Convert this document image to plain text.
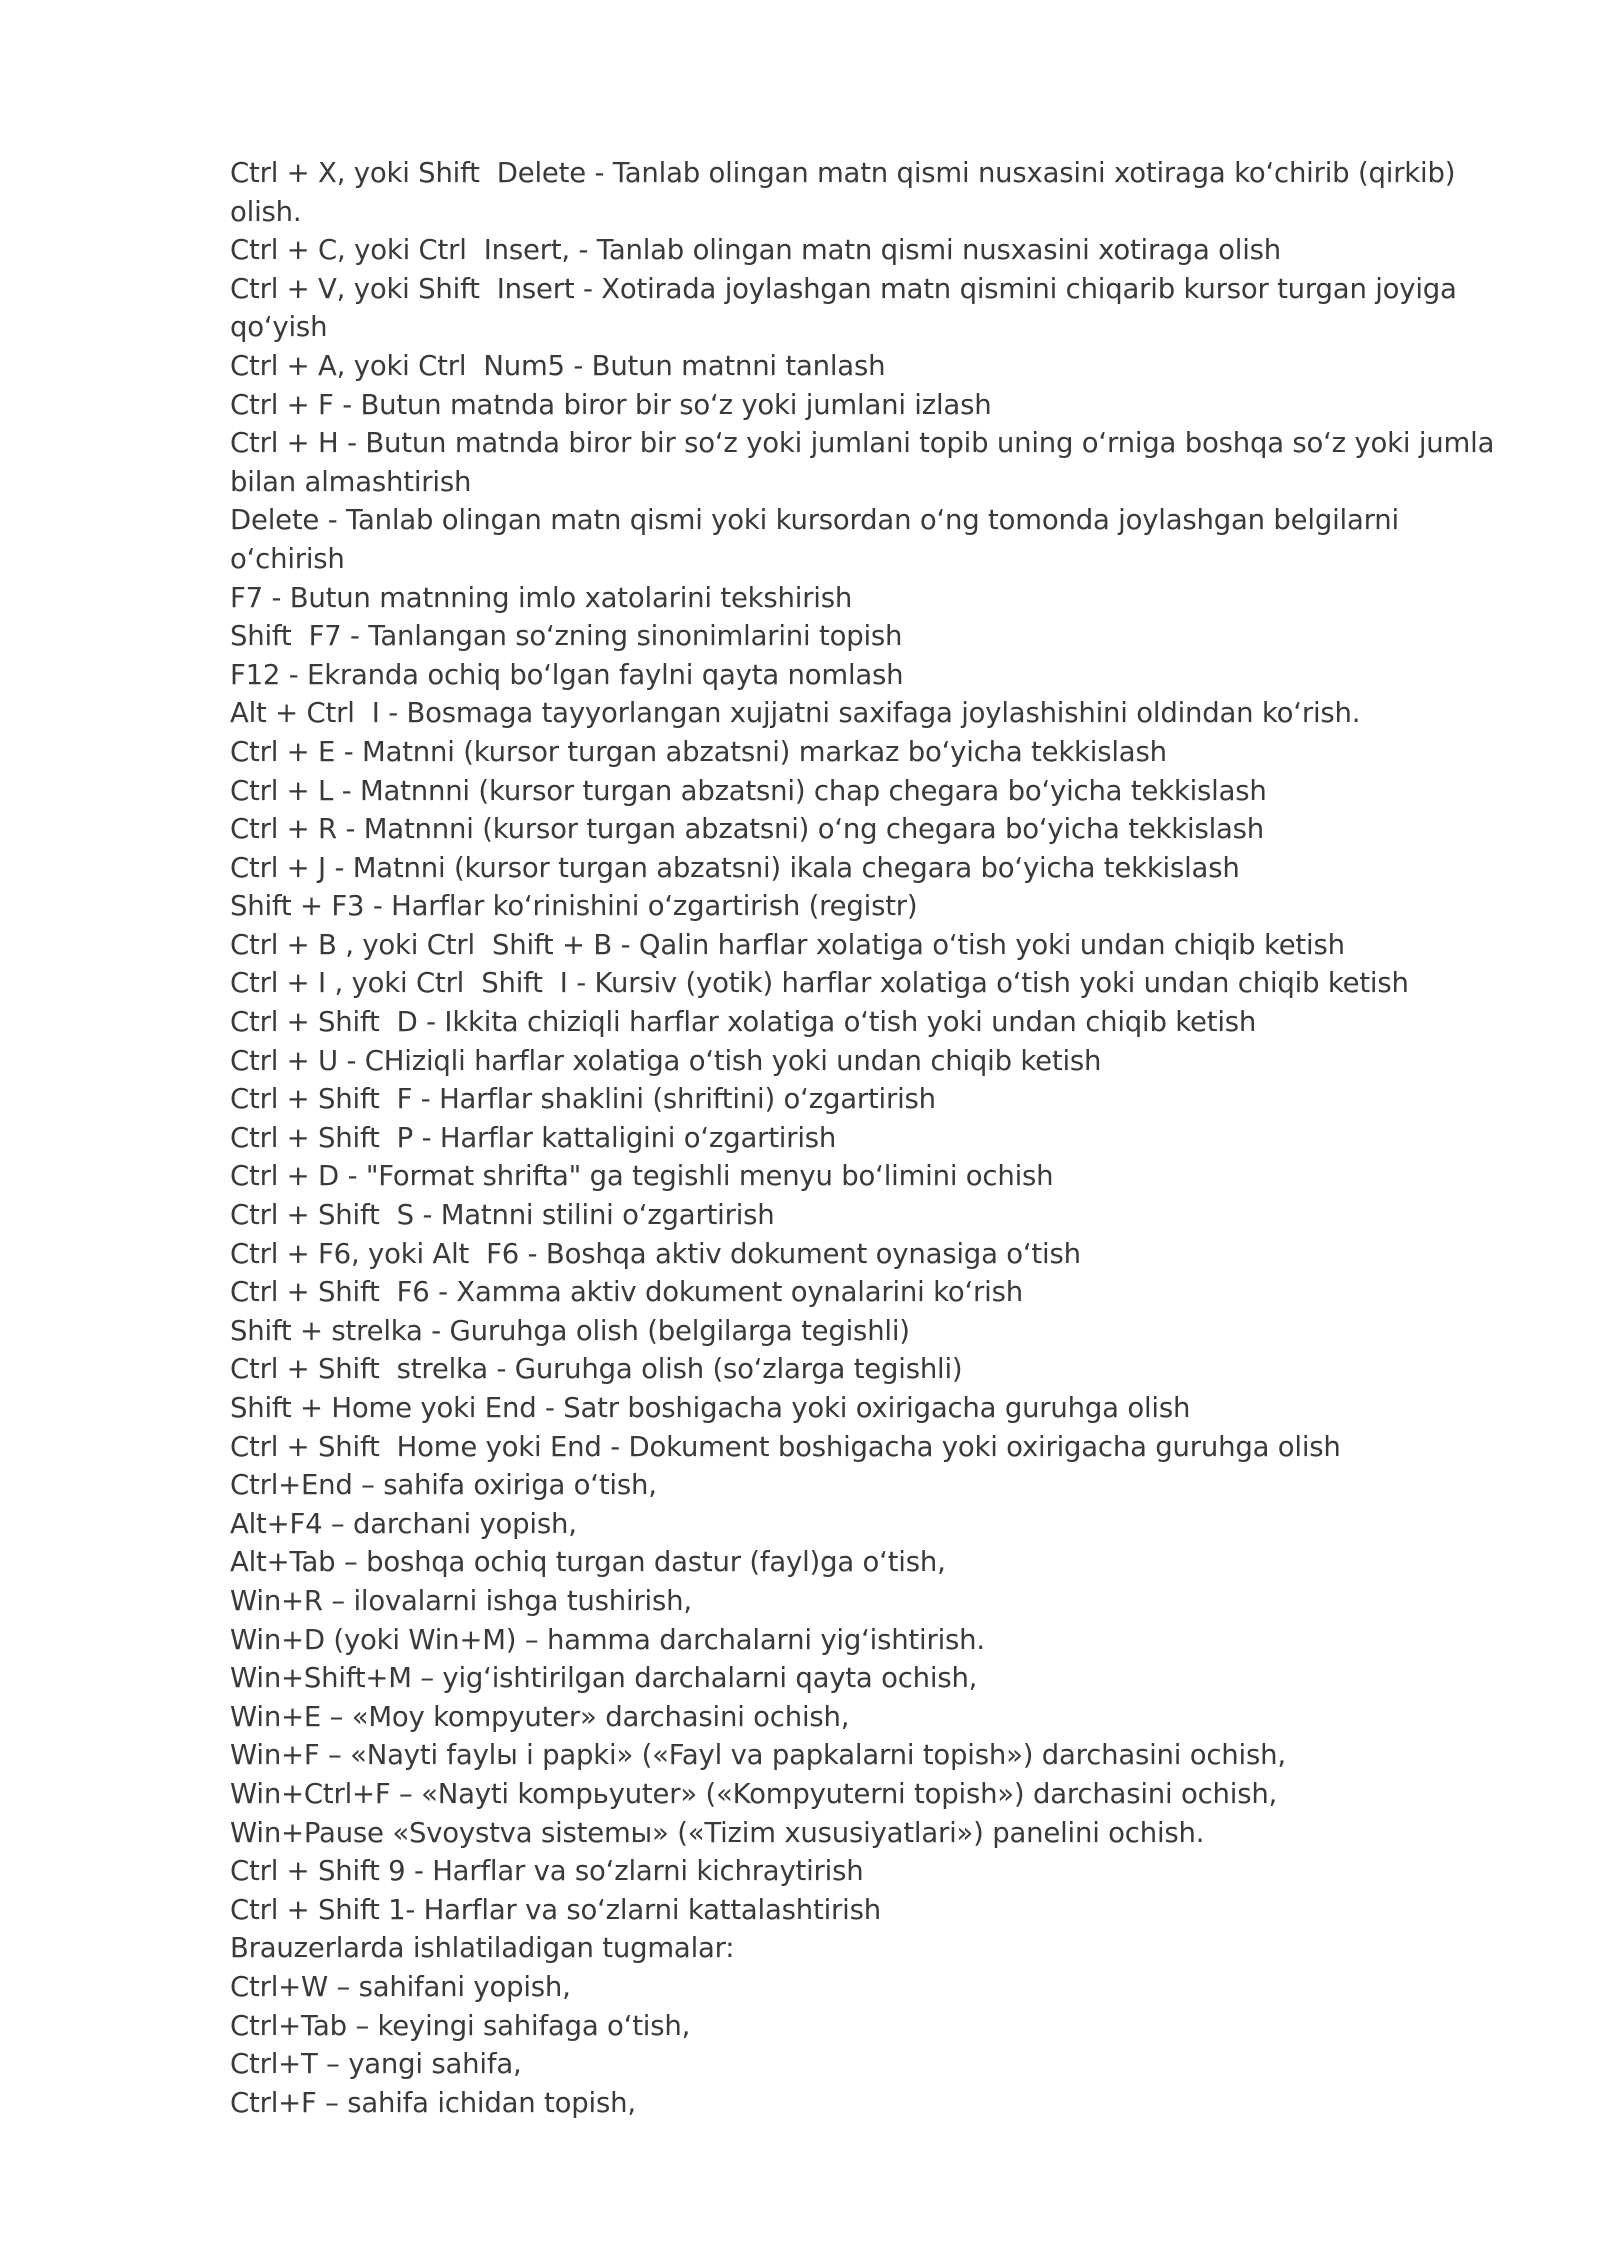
Ctrl + X, yoki Shift  Delete - Tanlab olingan matn qismi nusxasini xotiraga ko‘chirib (qirkib) olish.

Ctrl + C, yoki Ctrl  Insert, - Tanlab olingan matn qismi nusxasini xotiraga olish

Ctrl + V, yoki Shift  Insert - Xotirada joylashgan matn qismini chiqarib kursor turgan joyiga qo‘yish

Ctrl + A, yoki Ctrl  Num5 - Butun matnni tanlash

Ctrl + F - Butun matnda biror bir so‘z yoki jumlani izlash

Ctrl + H - Butun matnda biror bir so‘z yoki jumlani topib uning o‘rniga boshqa so‘z yoki jumla bilan almashtirish

Delete - Tanlab olingan matn qismi yoki kursordan o‘ng tomonda joylashgan belgilarni o‘chirish

F7 - Butun matnning imlo xatolarini tekshirish

Shift  F7 - Tanlangan so‘zning sinonimlarini topish

F12 - Ekranda ochiq bo‘lgan faylni qayta nomlash

Alt + Ctrl  I - Bosmaga tayyorlangan xujjatni saxifaga joylashishini oldindan ko‘rish.

Ctrl + E - Matnni (kursor turgan abzatsni) markaz bo‘yicha tekkislash

Ctrl + L - Matnnni (kursor turgan abzatsni) chap chegara bo‘yicha tekkislash

Ctrl + R - Matnnni (kursor turgan abzatsni) o‘ng chegara bo‘yicha tekkislash

Ctrl + J - Matnni (kursor turgan abzatsni) ikala chegara bo‘yicha tekkislash

Shift + F3 - Harflar ko‘rinishini o‘zgartirish (registr)

Ctrl + B , yoki Ctrl  Shift + B - Qalin harflar xolatiga o‘tish yoki undan chiqib ketish

Ctrl + I , yoki Ctrl  Shift  I - Kursiv (yotik) harflar xolatiga o‘tish yoki undan chiqib ketish

Ctrl + Shift  D - Ikkita chiziqli harflar xolatiga o‘tish yoki undan chiqib ketish

Ctrl + U - CHiziqli harflar xolatiga o‘tish yoki undan chiqib ketish

Ctrl + Shift  F - Harflar shaklini (shriftini) o‘zgartirish

Ctrl + Shift  P - Harflar kattaligini o‘zgartirish

Ctrl + D - "Format shrifta" ga tegishli menyu bo‘limini ochish

Ctrl + Shift  S - Matnni stilini o‘zgartirish

Ctrl + F6, yoki Alt  F6 - Boshqa aktiv dokument oynasiga o‘tish

Ctrl + Shift  F6 - Xamma aktiv dokument oynalarini ko‘rish

Shift + strelka - Guruhga olish (belgilarga tegishli)

Ctrl + Shift  strelka - Guruhga olish (so‘zlarga tegishli)

Shift + Home yoki End - Satr boshigacha yoki oxirigacha guruhga olish

Ctrl + Shift  Home yoki End - Dokument boshigacha yoki oxirigacha guruhga olish

Ctrl+End – sahifa oxiriga o‘tish,

Alt+F4 – darchani yopish,

Alt+Tab – boshqa ochiq turgan dastur (fayl)ga o‘tish,

Win+R – ilovalarni ishga tushirish,

Win+D (yoki Win+M) – hamma darchalarni yig‘ishtirish.

Win+Shift+M – yig‘ishtirilgan darchalarni qayta ochish,

Win+E – «Moy kompyuter» darchasini ochish,

Win+F – «Nayti faylы i papki» («Fayl va papkalarni topish») darchasini ochish,

Win+Ctrl+F – «Nayti kompьyuter» («Kompyuterni topish») darchasini ochish,

Win+Pause «Svoystva sistemы» («Tizim xususiyatlari») panelini ochish.

Ctrl + Shift 9 - Harflar va so‘zlarni kichraytirish

Ctrl + Shift 1- Harflar va so‘zlarni kattalashtirish

Brauzerlarda ishlatiladigan tugmalar:

Ctrl+W – sahifani yopish,

Ctrl+Tab – keyingi sahifaga o‘tish,

Ctrl+T – yangi sahifa,

Ctrl+F – sahifa ichidan topish,
